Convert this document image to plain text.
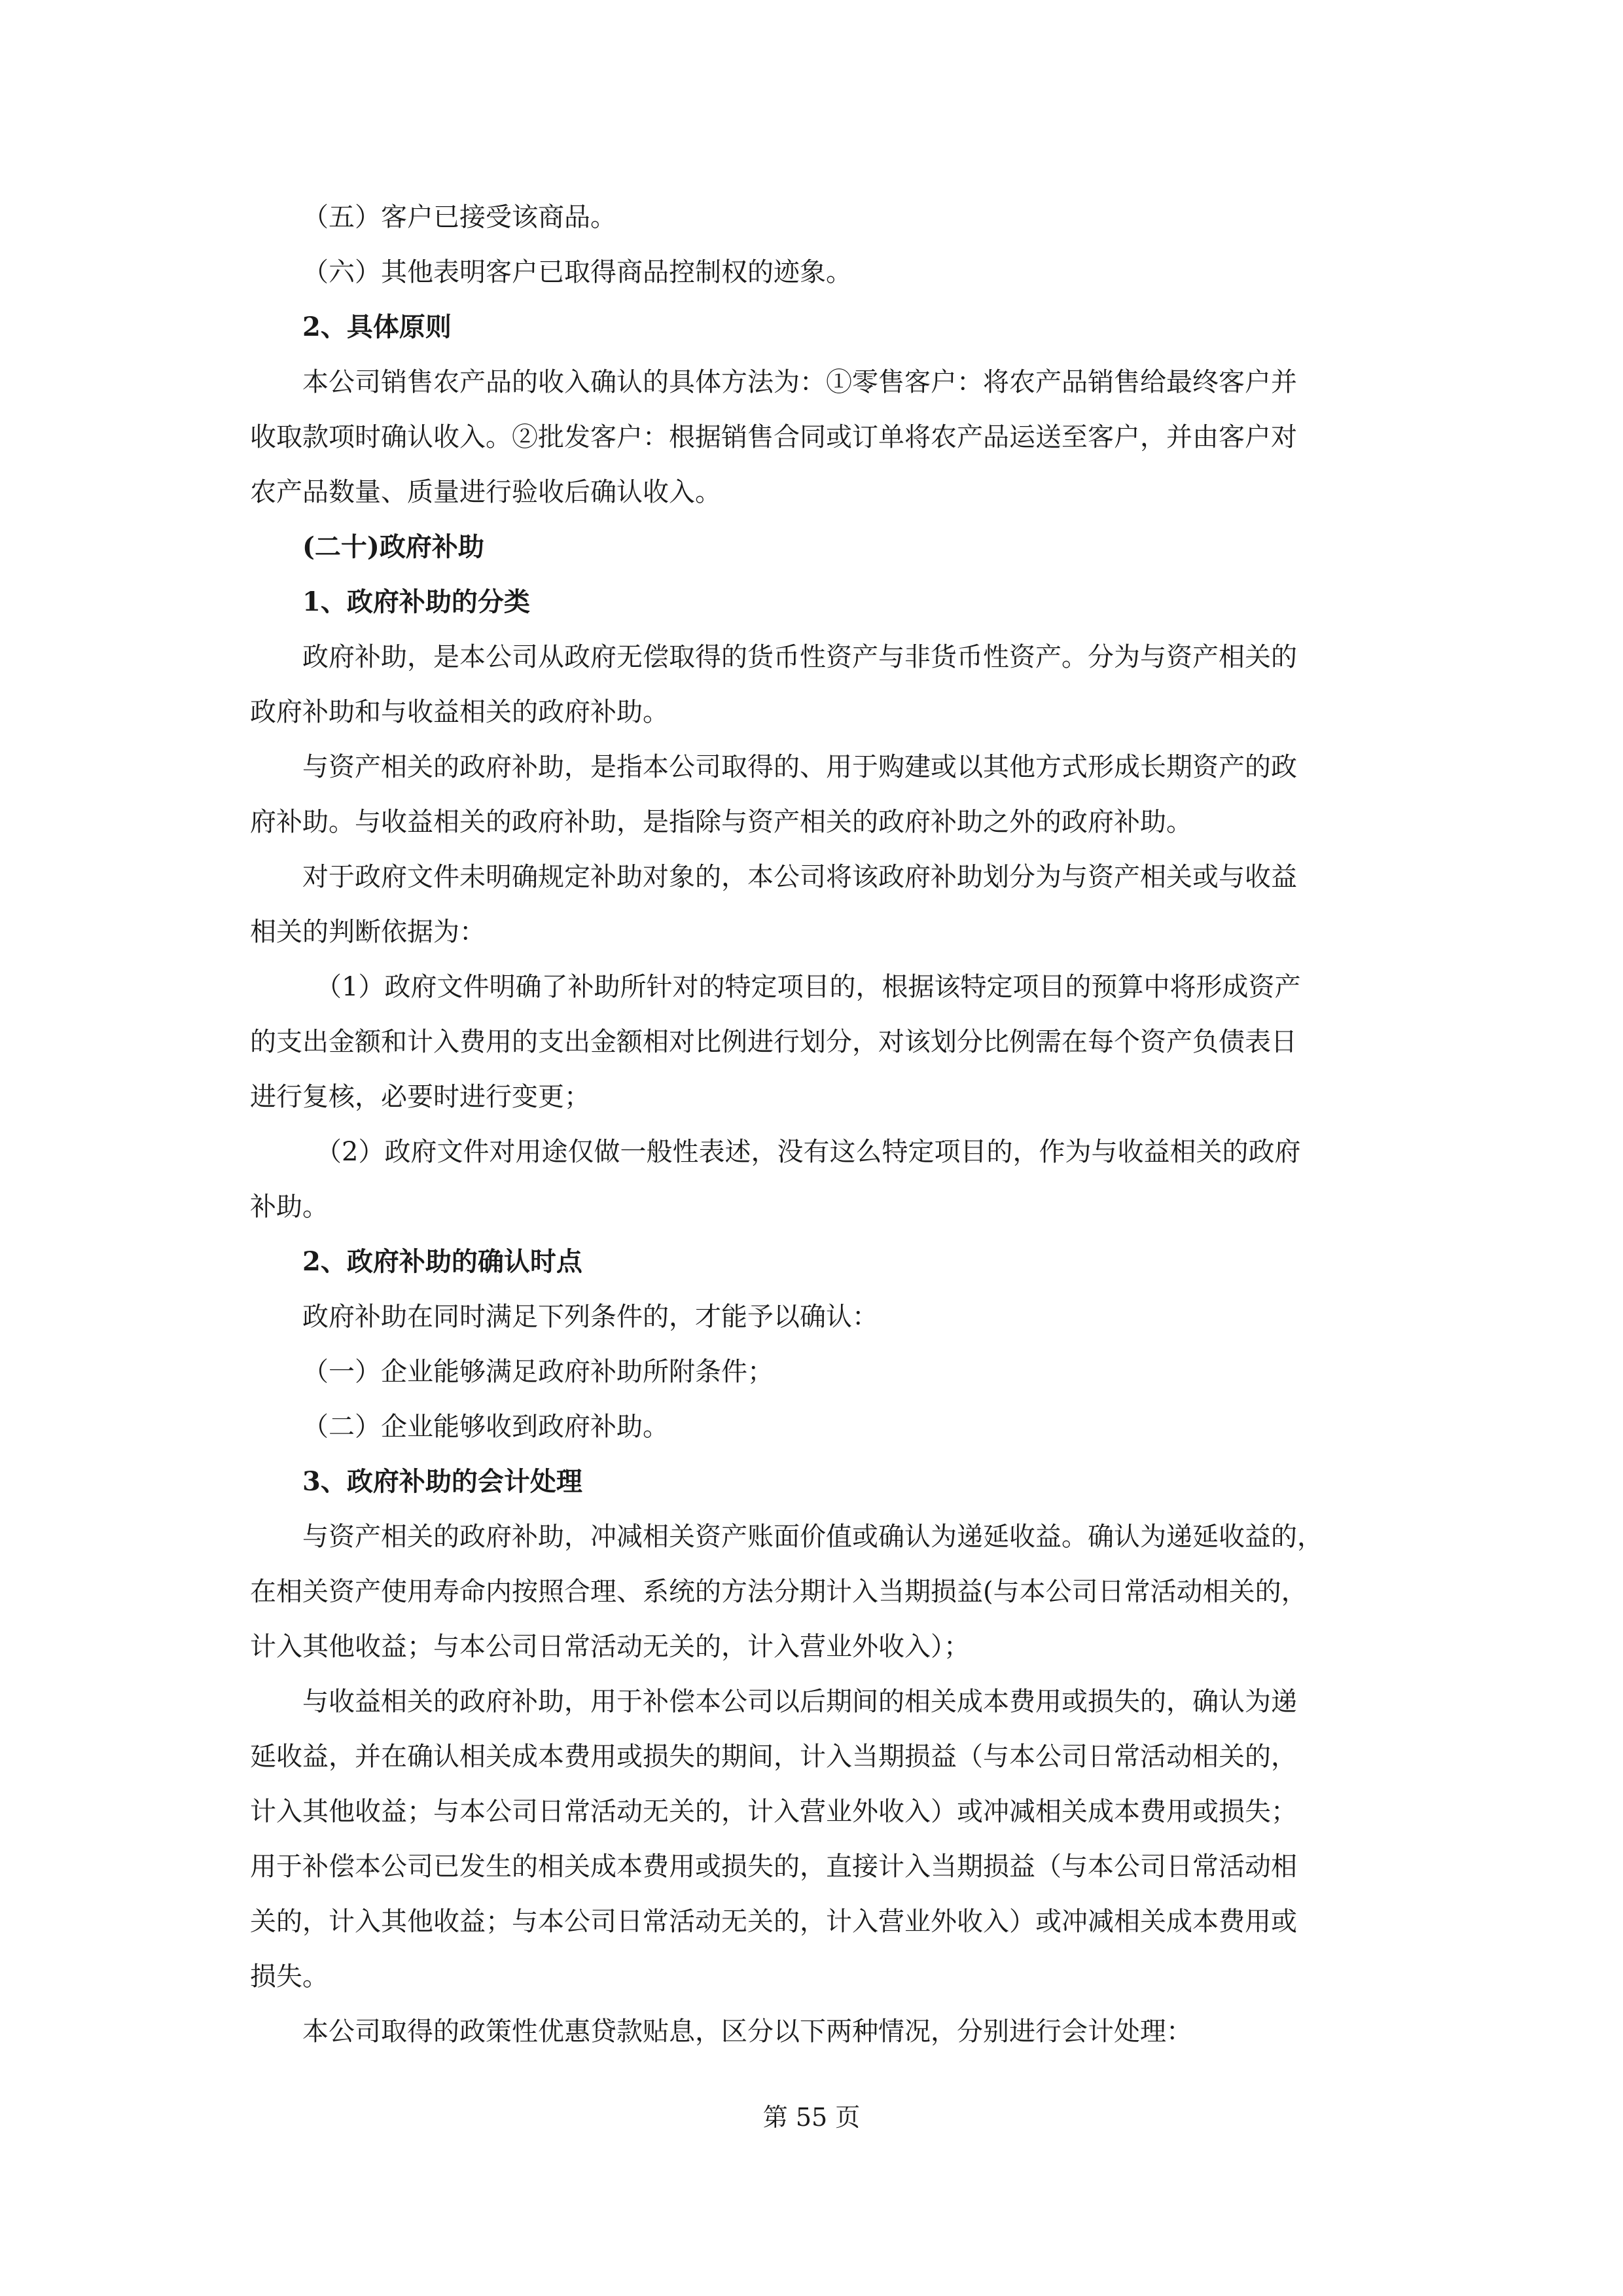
（五）客户已接受该商品。
（六）其他表明客户已取得商品控制权的迹象。
2、具体原则
本公司销售农产品的收入确认的具体方法为：①零售客户：将农产品销售给最终客户并
收取款项时确认收入。②批发客户：根据销售合同或订单将农产品运送至客户，并由客户对
农产品数量、质量进行验收后确认收入。
(二十)政府补助
1、政府补助的分类
政府补助，是本公司从政府无偿取得的货币性资产与非货币性资产。分为与资产相关的
政府补助和与收益相关的政府补助。
与资产相关的政府补助，是指本公司取得的、用于购建或以其他方式形成长期资产的政
府补助。与收益相关的政府补助，是指除与资产相关的政府补助之外的政府补助。
对于政府文件未明确规定补助对象的，本公司将该政府补助划分为与资产相关或与收益
相关的判断依据为：
（1）政府文件明确了补助所针对的特定项目的，根据该特定项目的预算中将形成资产
的支出金额和计入费用的支出金额相对比例进行划分，对该划分比例需在每个资产负债表日
进行复核，必要时进行变更；
（2）政府文件对用途仅做一般性表述，没有这么特定项目的，作为与收益相关的政府
补助。
2、政府补助的确认时点
政府补助在同时满足下列条件的，才能予以确认：
（一）企业能够满足政府补助所附条件；
（二）企业能够收到政府补助。
3、政府补助的会计处理
与资产相关的政府补助，冲减相关资产账面价值或确认为递延收益。确认为递延收益的，
在相关资产使用寿命内按照合理、系统的方法分期计入当期损益(与本公司日常活动相关的，
计入其他收益；与本公司日常活动无关的，计入营业外收入）；
与收益相关的政府补助，用于补偿本公司以后期间的相关成本费用或损失的，确认为递
延收益，并在确认相关成本费用或损失的期间，计入当期损益（与本公司日常活动相关的，
计入其他收益；与本公司日常活动无关的，计入营业外收入）或冲减相关成本费用或损失；
用于补偿本公司已发生的相关成本费用或损失的，直接计入当期损益（与本公司日常活动相
关的，计入其他收益；与本公司日常活动无关的，计入营业外收入）或冲减相关成本费用或
损失。
本公司取得的政策性优惠贷款贴息，区分以下两种情况，分别进行会计处理：
第 55 页
